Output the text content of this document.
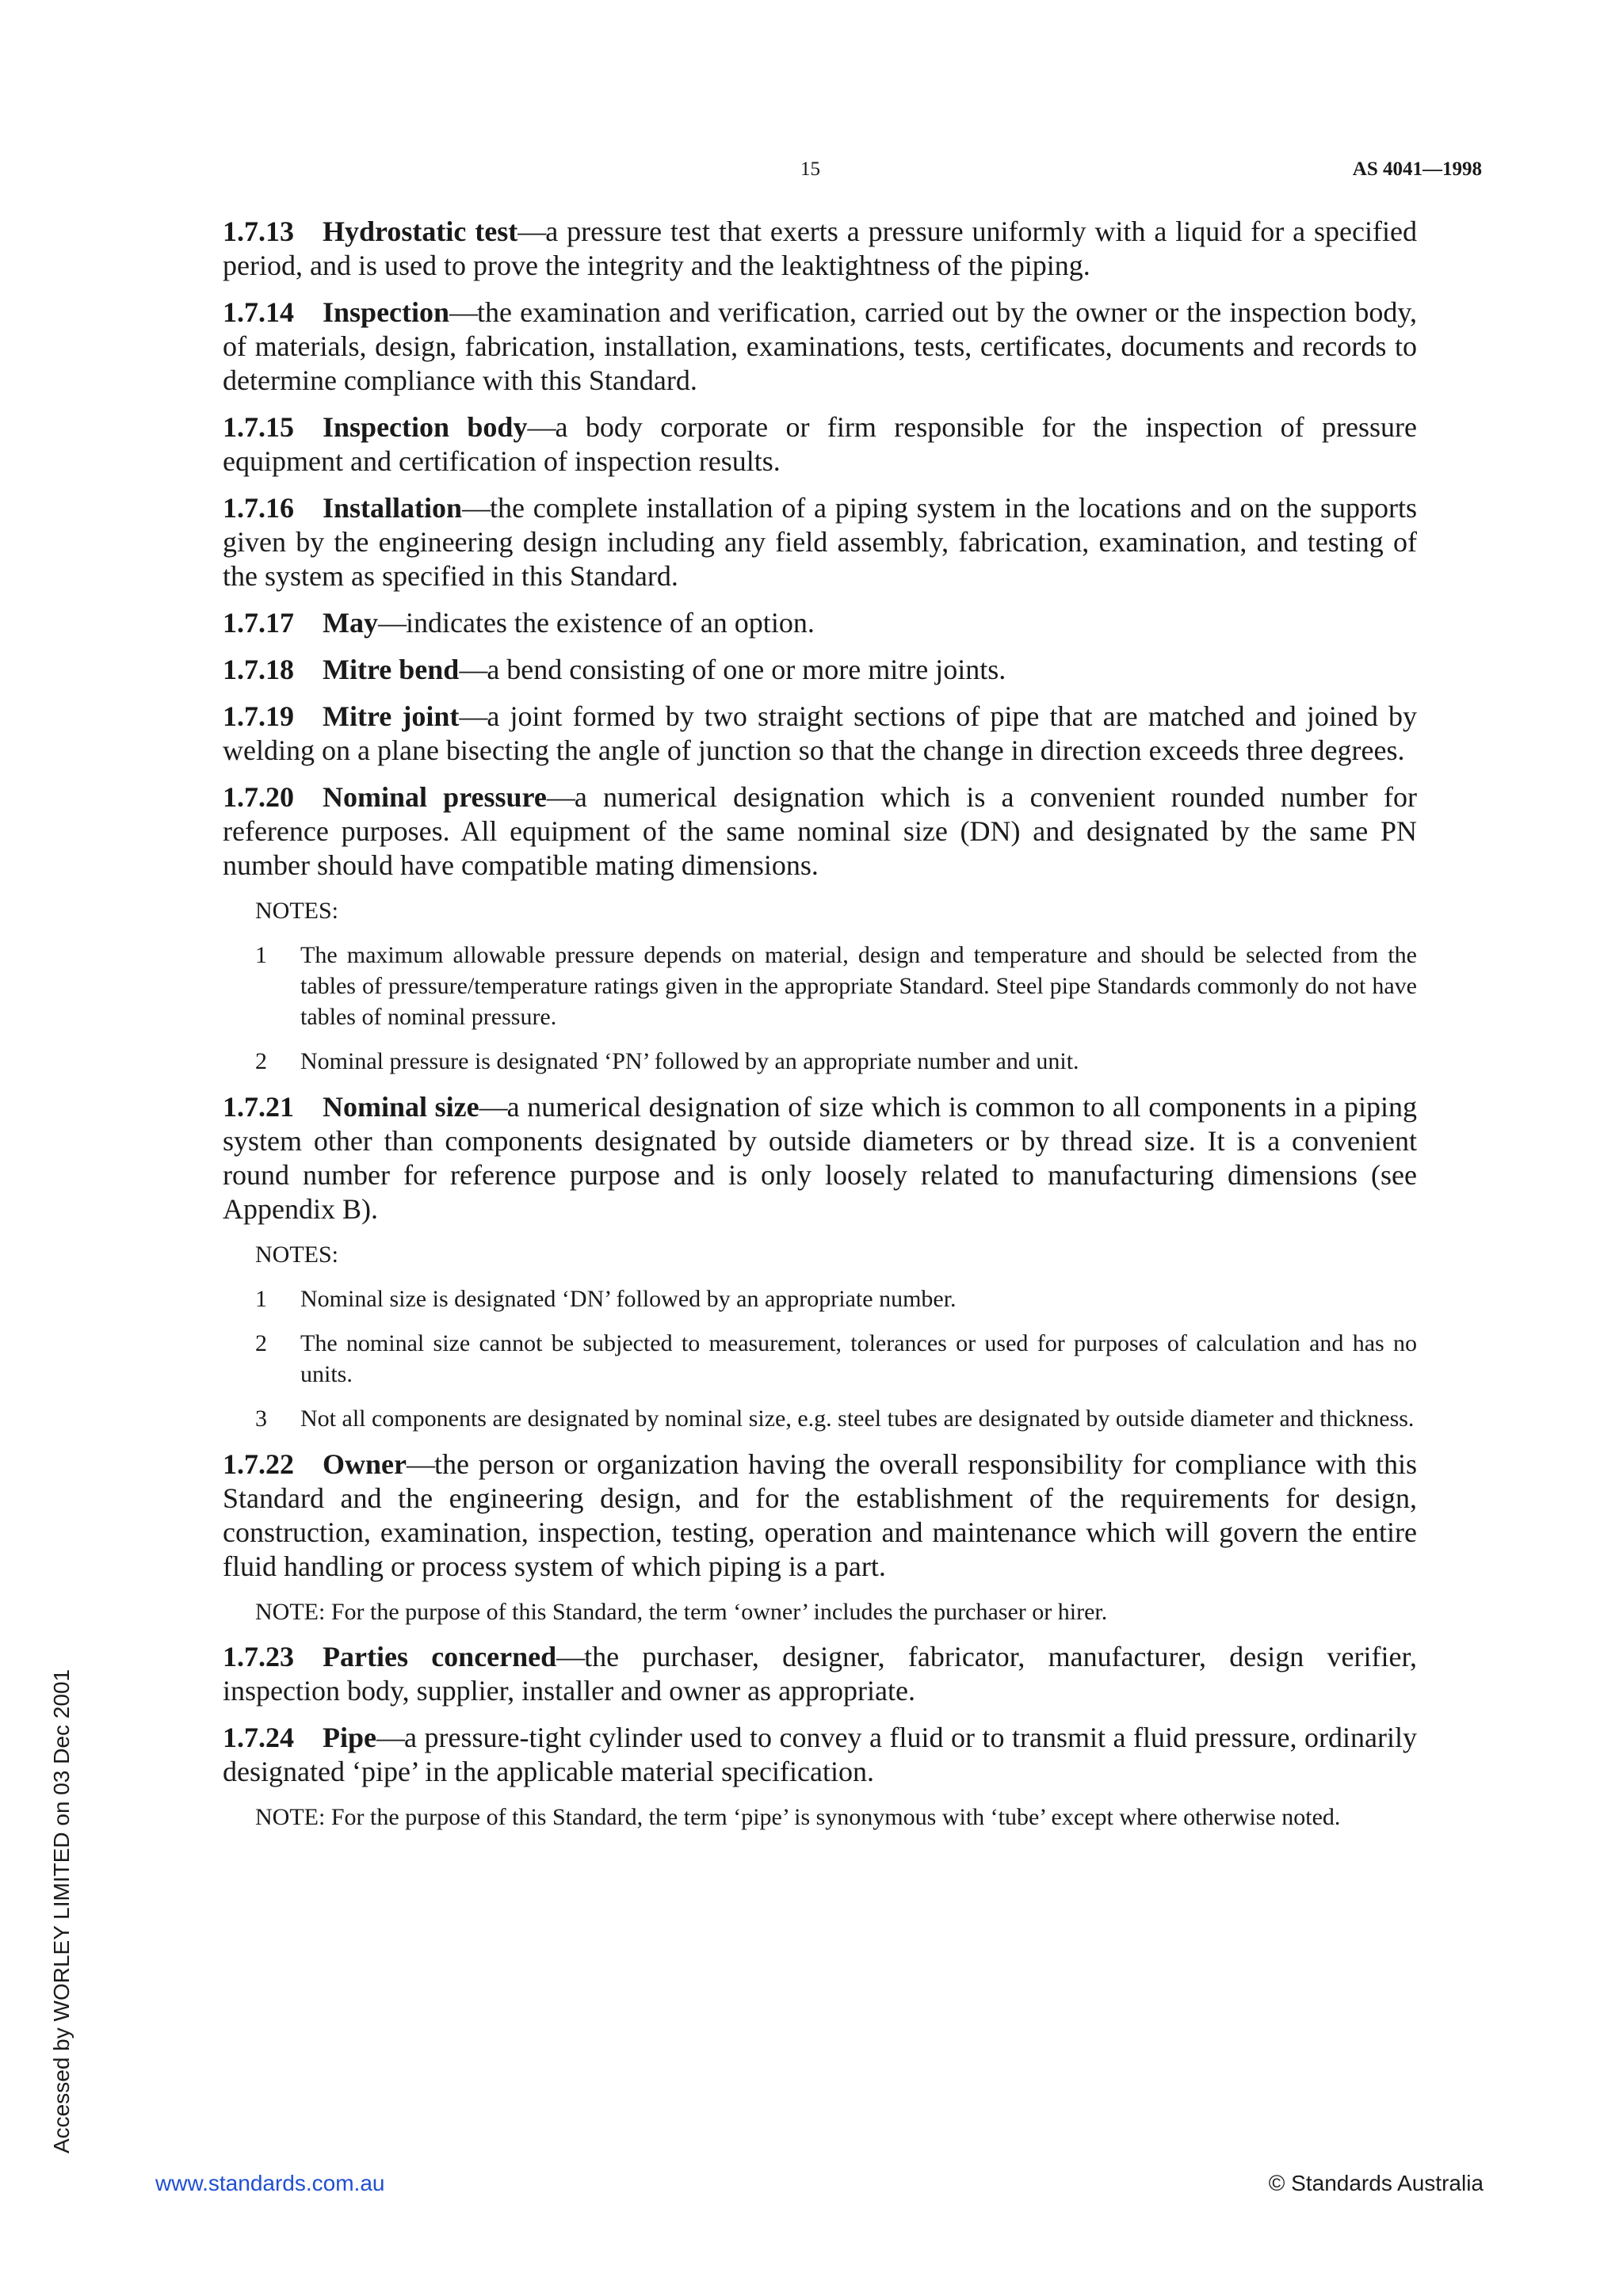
15	AS 4041—1998

1.7.13 Hydrostatic test—a pressure test that exerts a pressure uniformly with a liquid for a specified period, and is used to prove the integrity and the leaktightness of the piping.

1.7.14 Inspection—the examination and verification, carried out by the owner or the inspection body, of materials, design, fabrication, installation, examinations, tests, certificates, documents and records to determine compliance with this Standard.

1.7.15 Inspection body—a body corporate or firm responsible for the inspection of pressure equipment and certification of inspection results.

1.7.16 Installation—the complete installation of a piping system in the locations and on the supports given by the engineering design including any field assembly, fabrication, examination, and testing of the system as specified in this Standard.

1.7.17 May—indicates the existence of an option.

1.7.18 Mitre bend—a bend consisting of one or more mitre joints.

1.7.19 Mitre joint—a joint formed by two straight sections of pipe that are matched and joined by welding on a plane bisecting the angle of junction so that the change in direction exceeds three degrees.

1.7.20 Nominal pressure—a numerical designation which is a convenient rounded number for reference purposes. All equipment of the same nominal size (DN) and designated by the same PN number should have compatible mating dimensions.

NOTES:
1 The maximum allowable pressure depends on material, design and temperature and should be selected from the tables of pressure/temperature ratings given in the appropriate Standard. Steel pipe Standards commonly do not have tables of nominal pressure.
2 Nominal pressure is designated ‘PN’ followed by an appropriate number and unit.

1.7.21 Nominal size—a numerical designation of size which is common to all components in a piping system other than components designated by outside diameters or by thread size. It is a convenient round number for reference purpose and is only loosely related to manufacturing dimensions (see Appendix B).

NOTES:
1 Nominal size is designated ‘DN’ followed by an appropriate number.
2 The nominal size cannot be subjected to measurement, tolerances or used for purposes of calculation and has no units.
3 Not all components are designated by nominal size, e.g. steel tubes are designated by outside diameter and thickness.

1.7.22 Owner—the person or organization having the overall responsibility for compliance with this Standard and the engineering design, and for the establishment of the requirements for design, construction, examination, inspection, testing, operation and maintenance which will govern the entire fluid handling or process system of which piping is a part.

NOTE: For the purpose of this Standard, the term ‘owner’ includes the purchaser or hirer.

1.7.23 Parties concerned—the purchaser, designer, fabricator, manufacturer, design verifier, inspection body, supplier, installer and owner as appropriate.

1.7.24 Pipe—a pressure-tight cylinder used to convey a fluid or to transmit a fluid pressure, ordinarily designated ‘pipe’ in the applicable material specification.

NOTE: For the purpose of this Standard, the term ‘pipe’ is synonymous with ‘tube’ except where otherwise noted.
Accessed by WORLEY LIMITED on 03 Dec 2001
www.standards.com.au	© Standards Australia
